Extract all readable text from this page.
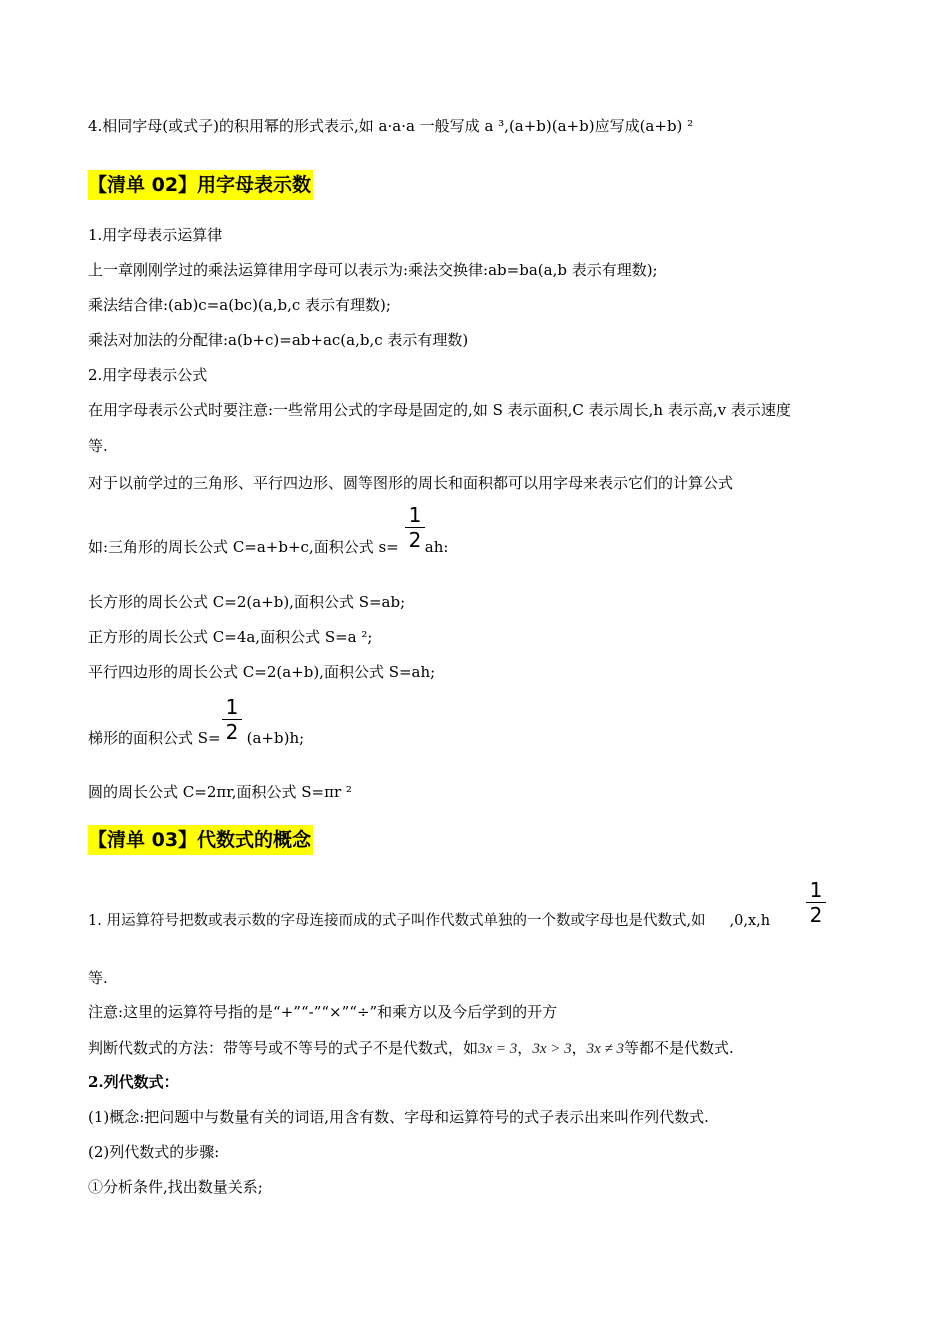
4.相同字母(或式子)的积用幂的形式表示,如 a·a·a 一般写成 a ³,(a+b)(a+b)应写成(a+b) ²
【清单 02】用字母表示数
1.用字母表示运算律
上一章刚刚学过的乘法运算律用字母可以表示为:乘法交换律:ab=ba(a,b 表示有理数);
乘法结合律:(ab)c=a(bc)(a,b,c 表示有理数);
乘法对加法的分配律:a(b+c)=ab+ac(a,b,c 表示有理数)
2.用字母表示公式
在用字母表示公式时要注意:一些常用公式的字母是固定的,如 S 表示面积,C 表示周长,h 表示高,v 表示速度
等.
对于以前学过的三角形、平行四边形、圆等图形的周长和面积都可以用字母来表示它们的计算公式
如:三角形的周长公式 C=a+b+c,面积公式 s= ah:
1
2
长方形的周长公式 C=2(a+b),面积公式 S=ab;
正方形的周长公式 C=4a,面积公式 S=a ²;
平行四边形的周长公式 C=2(a+b),面积公式 S=ah;
梯形的面积公式 S= (a+b)h;
1
2
圆的周长公式 C=2πr,面积公式 S=πr ²
【清单 03】代数式的概念
1. 用运算符号把数或表示数的字母连接而成的式子叫作代数式单独的一个数或字母也是代数式,如 ,0,x,h
1
2
等.
注意:这里的运算符号指的是“+”“-”“×”“÷”和乘方以及今后学到的开方
判断代数式的方法：带等号或不等号的式子不是代数式，如3x = 3，3x > 3，3x ≠ 3等都不是代数式.
2.列代数式：
(1)概念:把问题中与数量有关的词语,用含有数、字母和运算符号的式子表示出来叫作列代数式.
(2)列代数式的步骤:
①分析条件,找出数量关系;
